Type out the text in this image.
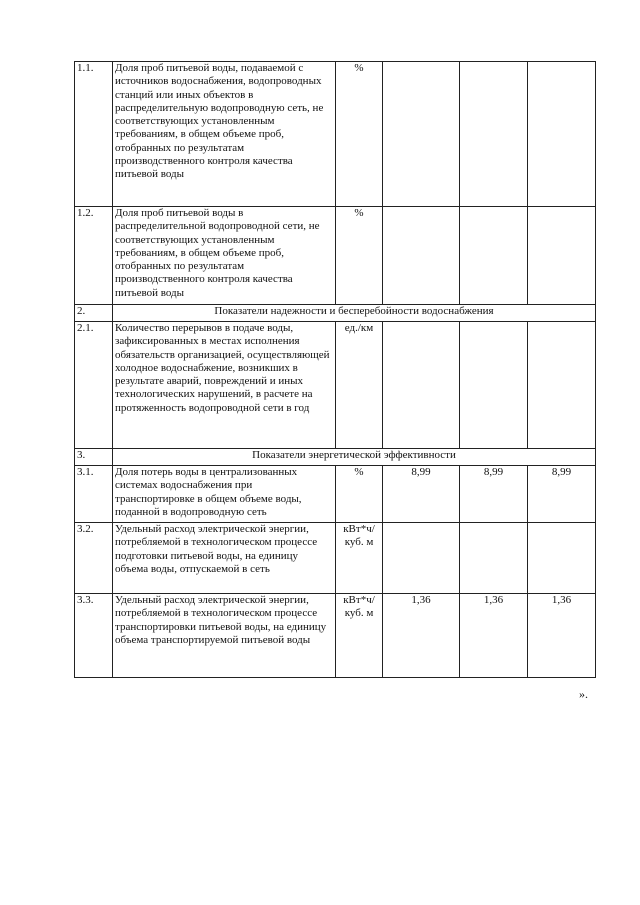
1.1.	Доля проб питьевой воды, подаваемой с источников водоснабжения, водопроводных станций или иных объектов в распределительную водопроводную сеть, не соответствующих установленным требованиям, в общем объеме проб, отобранных по результатам производственного контроля качества питьевой воды	%			
1.2.	Доля проб питьевой воды в распределительной водопроводной сети, не соответствующих установленным требованиям, в общем объеме проб, отобранных по результатам производственного контроля качества питьевой воды	%			
2.	Показатели надежности и бесперебойности водоснабжения				
2.1.	Количество перерывов в подаче воды, зафиксированных в местах исполнения обязательств организацией, осуществляющей холодное водоснабжение, возникших в результате аварий, повреждений и иных технологических нарушений, в расчете на протяженность водопроводной сети в год	ед./км			
3.	Показатели энергетической эффективности				
3.1.	Доля потерь воды в централизованных системах водоснабжения при транспортировке в общем объеме воды, поданной в водопроводную сеть	%	8,99	8,99	8,99
3.2.	Удельный расход электрической энергии, потребляемой в технологическом процессе подготовки питьевой воды, на единицу объема воды, отпускаемой в сеть	кВт*ч/ куб. м			
3.3.	Удельный расход электрической энергии, потребляемой в технологическом процессе транспортировки питьевой воды, на единицу объема транспортируемой питьевой воды	кВт*ч/ куб. м	1,36	1,36	1,36
».
